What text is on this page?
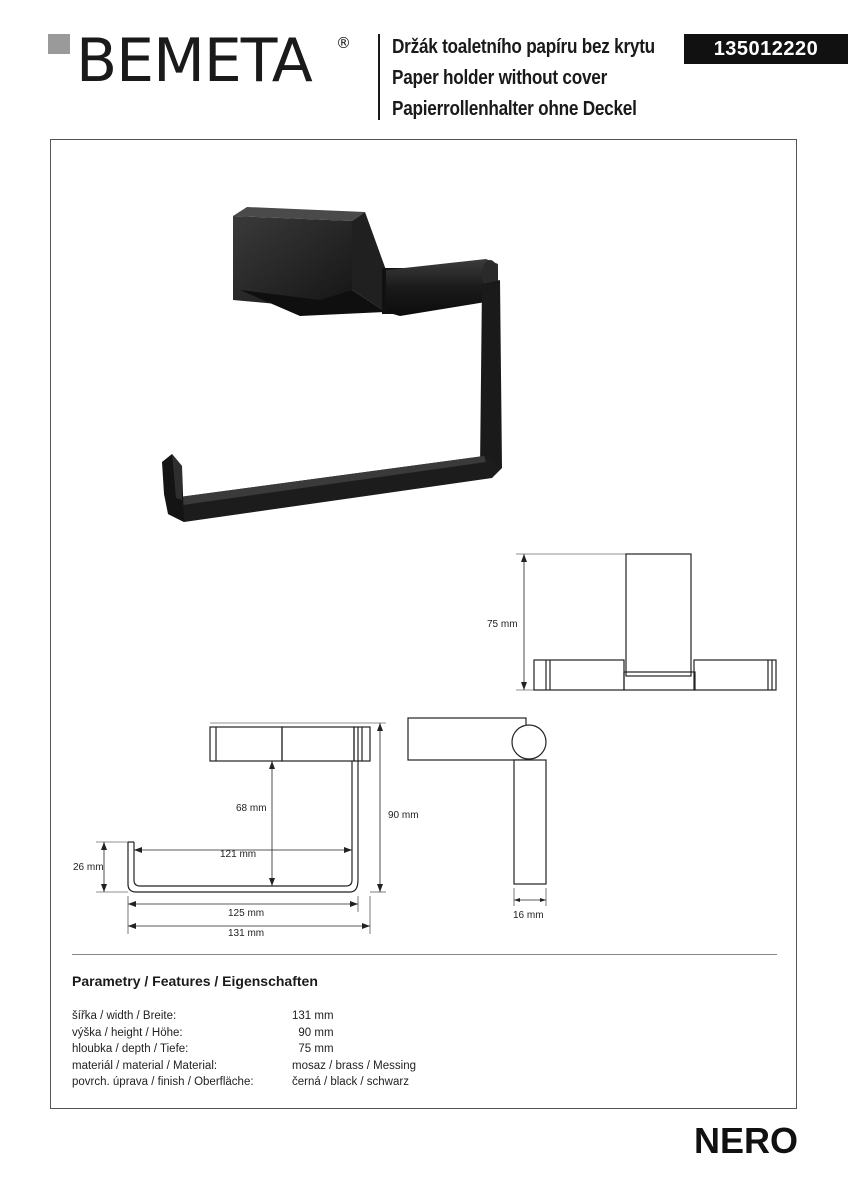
BEMETA ® Držák toaletního papíru bez krytu
Paper holder without cover
Papierrollenhalter ohne Deckel
135012220
75 mm
68 mm
90 mm
121 mm
26 mm
125 mm
131 mm
16 mm
Parametry / Features / Eigenschaften
šířka / width / Breite:	131 mm
výška / height / Höhe:	90 mm
hloubka / depth / Tiefe:	75 mm
materiál / material / Material:	mosaz / brass / Messing
povrch. úprava / finish / Oberfläche:	černá / black / schwarz
NERO
